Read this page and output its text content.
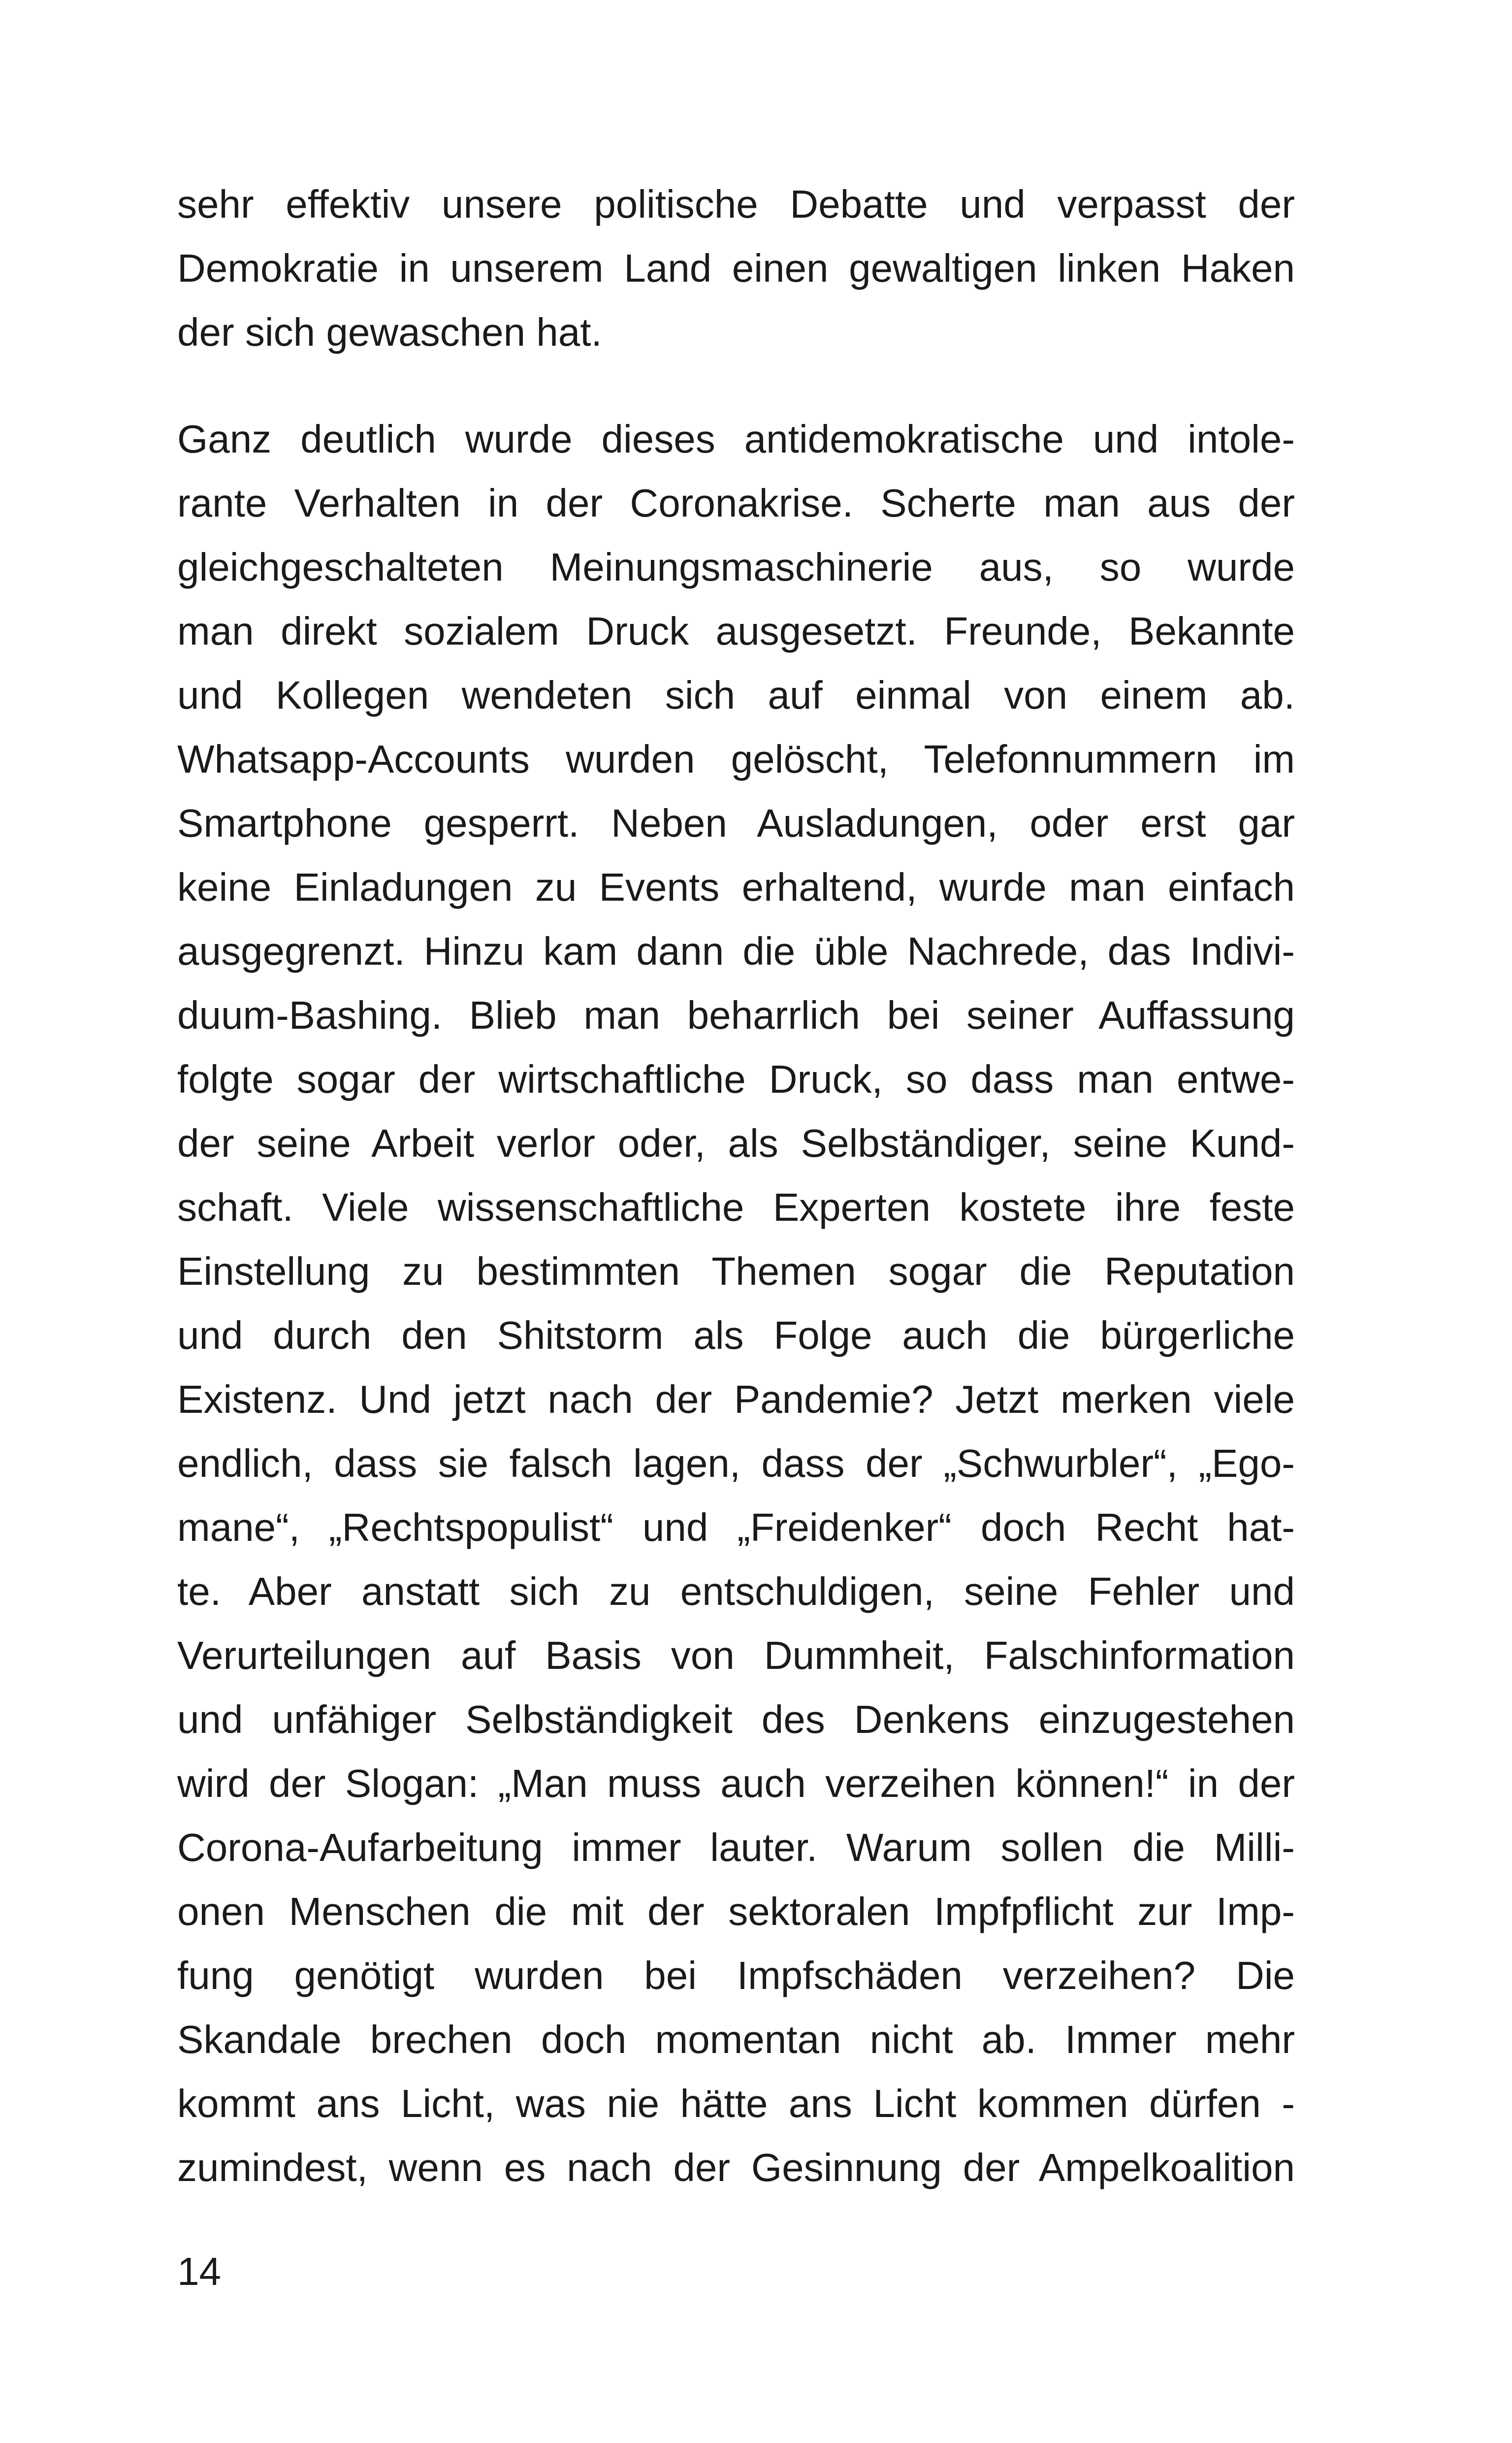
sehr effektiv unsere politische Debatte und verpasst der
Demokratie in unserem Land einen gewaltigen linken Haken
der sich gewaschen hat.
Ganz deutlich wurde dieses antidemokratische und intole-
rante Verhalten in der Coronakrise. Scherte man aus der
gleichgeschalteten Meinungsmaschinerie aus, so wurde
man direkt sozialem Druck ausgesetzt. Freunde, Bekannte
und Kollegen wendeten sich auf einmal von einem ab.
Whatsapp-Accounts wurden gelöscht, Telefonnummern im
Smartphone gesperrt. Neben Ausladungen, oder erst gar
keine Einladungen zu Events erhaltend, wurde man einfach
ausgegrenzt. Hinzu kam dann die üble Nachrede, das Indivi-
duum-Bashing. Blieb man beharrlich bei seiner Auffassung
folgte sogar der wirtschaftliche Druck, so dass man entwe-
der seine Arbeit verlor oder, als Selbständiger, seine Kund-
schaft. Viele wissenschaftliche Experten kostete ihre feste
Einstellung zu bestimmten Themen sogar die Reputation
und durch den Shitstorm als Folge auch die bürgerliche
Existenz. Und jetzt nach der Pandemie? Jetzt merken viele
endlich, dass sie falsch lagen, dass der „Schwurbler“, „Ego-
mane“, „Rechtspopulist“ und „Freidenker“ doch Recht hat-
te. Aber anstatt sich zu entschuldigen, seine Fehler und
Verurteilungen auf Basis von Dummheit, Falschinformation
und unfähiger Selbständigkeit des Denkens einzugestehen
wird der Slogan: „Man muss auch verzeihen können!“ in der
Corona-Aufarbeitung immer lauter. Warum sollen die Milli-
onen Menschen die mit der sektoralen Impfpflicht zur Imp-
fung genötigt wurden bei Impfschäden verzeihen? Die
Skandale brechen doch momentan nicht ab. Immer mehr
kommt ans Licht, was nie hätte ans Licht kommen dürfen -
zumindest, wenn es nach der Gesinnung der Ampelkoalition
14
